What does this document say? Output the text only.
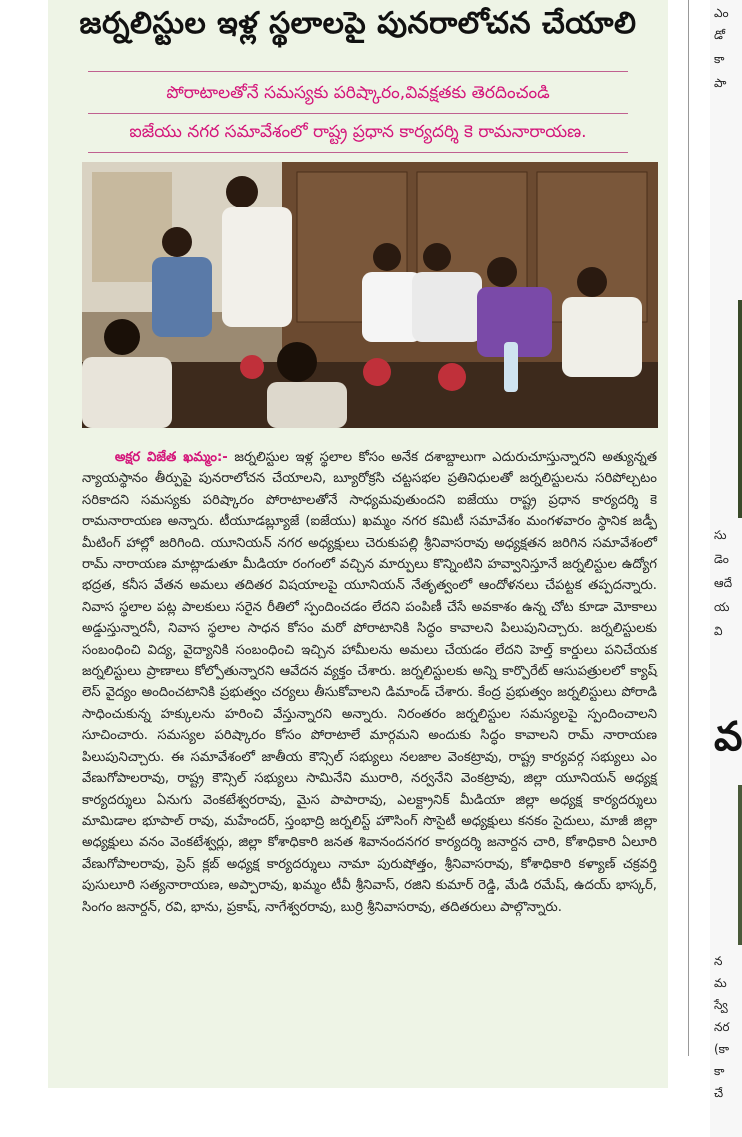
జర్నలిస్టుల ఇళ్ల స్థలాలపై పునరాలోచన చేయాలి
పోరాటాలతోనే సమస్యకు పరిష్కారం,వివక్షతకు తెరదించండి
ఐజేయు నగర సమావేశంలో రాష్ట్ర ప్రధాన కార్యదర్శి కె రామనారాయణ.
అక్షర విజేత ఖమ్మం:- జర్నలిస్టుల ఇళ్ల స్థలాల కోసం అనేక దశాబ్దాలుగా ఎదురుచూస్తున్నారని అత్యున్నత న్యాయస్థానం తీర్పుపై పునరాలోచన చేయాలని, బ్యూరోక్రసి చట్టసభల ప్రతినిధులతో జర్నలిస్టులను సరిపోల్చటం సరికాదని సమస్యకు పరిష్కారం పోరాటాలతోనే సాధ్యమవుతుందని ఐజేయు రాష్ట్ర ప్రధాన కార్యదర్శి కె రామనారాయణ అన్నారు. టీయూడబ్ల్యూజే (ఐజేయు) ఖమ్మం నగర కమిటీ సమావేశం మంగళవారం స్థానిక జడ్పీ మీటింగ్ హాల్లో జరిగింది. యూనియన్ నగర అధ్యక్షులు చెరుకుపల్లి శ్రీనివాసరావు అధ్యక్షతన జరిగిన సమావేశంలో రామ్ నారాయణ మాట్లాడుతూ మీడియా రంగంలో వచ్చిన మార్పులు కొన్నింటిని హవ్వానిస్తూనే జర్నలిస్టుల ఉద్యోగ భద్రత, కనీస వేతన అమలు తదితర విషయాలపై యూనియన్ నేతృత్వంలో ఆందోళనలు చేపట్టక తప్పదన్నారు. నివాస స్థలాల పట్ల పాలకులు సరైన రీతిలో స్పందించడం లేదని పంపిణీ చేసే అవకాశం ఉన్న చోట కూడా మోకాలు అడ్డుస్తున్నారనీ, నివాస స్థలాల సాధన కోసం మరో పోరాటానికి సిద్ధం కావాలని పిలుపునిచ్చారు. జర్నలిస్టులకు సంబంధించి విద్య, వైద్యానికి సంబంధించి ఇచ్చిన హామీలను అమలు చేయడం లేదని హెల్త్ కార్డులు పనిచేయక జర్నలిస్టులు ప్రాణాలు కోల్పోతున్నారని ఆవేదన వ్యక్తం చేశారు. జర్నలిస్టులకు అన్ని కార్పొరేట్ ఆసుపత్రులలో క్యాష్ లెస్ వైద్యం అందించటానికి ప్రభుత్వం చర్యలు తీసుకోవాలని డిమాండ్ చేశారు. కేంద్ర ప్రభుత్వం జర్నలిస్టులు పోరాడి సాధించుకున్న హక్కులను హరించి వేస్తున్నారని అన్నారు. నిరంతరం జర్నలిస్టుల సమస్యలపై స్పందించాలని సూచించారు. సమస్యల పరిష్కారం కోసం పోరాటాలే మార్గమని అందుకు సిద్ధం కావాలని రామ్ నారాయణ పిలుపునిచ్చారు. ఈ సమావేశంలో జాతీయ కౌన్సిల్ సభ్యులు నలజాల వెంకట్రావు, రాష్ట్ర కార్యవర్గ సభ్యులు ఎం వేణుగోపాలరావు, రాష్ట్ర కౌన్సిల్ సభ్యులు సామినేని మురారి, నర్వనేని వెంకట్రావు, జిల్లా యూనియన్ అధ్యక్ష కార్యదర్శులు ఏనుగు వెంకటేశ్వరరావు, మైస పాపారావు, ఎలక్ట్రానిక్ మీడియా జిల్లా అధ్యక్ష కార్యదర్శులు మామిడాల భూపాల్ రావు, మహేందర్, స్తంభాద్రి జర్నలిస్ట్ హౌసింగ్ సొసైటీ అధ్యక్షులు కనకం సైదులు, మాజీ జిల్లా అధ్యక్షులు వనం వెంకటేశ్వర్లు, జిల్లా కోశాధికారి జనత శివానందనగర కార్యదర్శి జనార్దన చారి, కోశాధికారి ఏలూరి వేణుగోపాలరావు, ప్రెస్ క్లబ్ అధ్యక్ష కార్యదర్శులు నామా పురుషోత్తం, శ్రీనివాసరావు, కోశాధికారి కళ్యాణ్ చక్రవర్తి పుసులూరి సత్యనారాయణ, అప్పారావు, ఖమ్మం టీవీ శ్రీనివాస్, రజిని కుమార్ రెడ్డి, మేడి రమేష్, ఉదయ్ భాస్కర్, సింగం జనార్దన్, రవి, భాను, ప్రకాష్, నాగేశ్వరరావు, బుర్రి శ్రీనివాసరావు, తదితరులు పాల్గొన్నారు.
ఎం
డో
కా
పా
సు
డెం
ఆదే
య
వి
వ
న
మ
స్వే
నర
(కా
కా
చే
